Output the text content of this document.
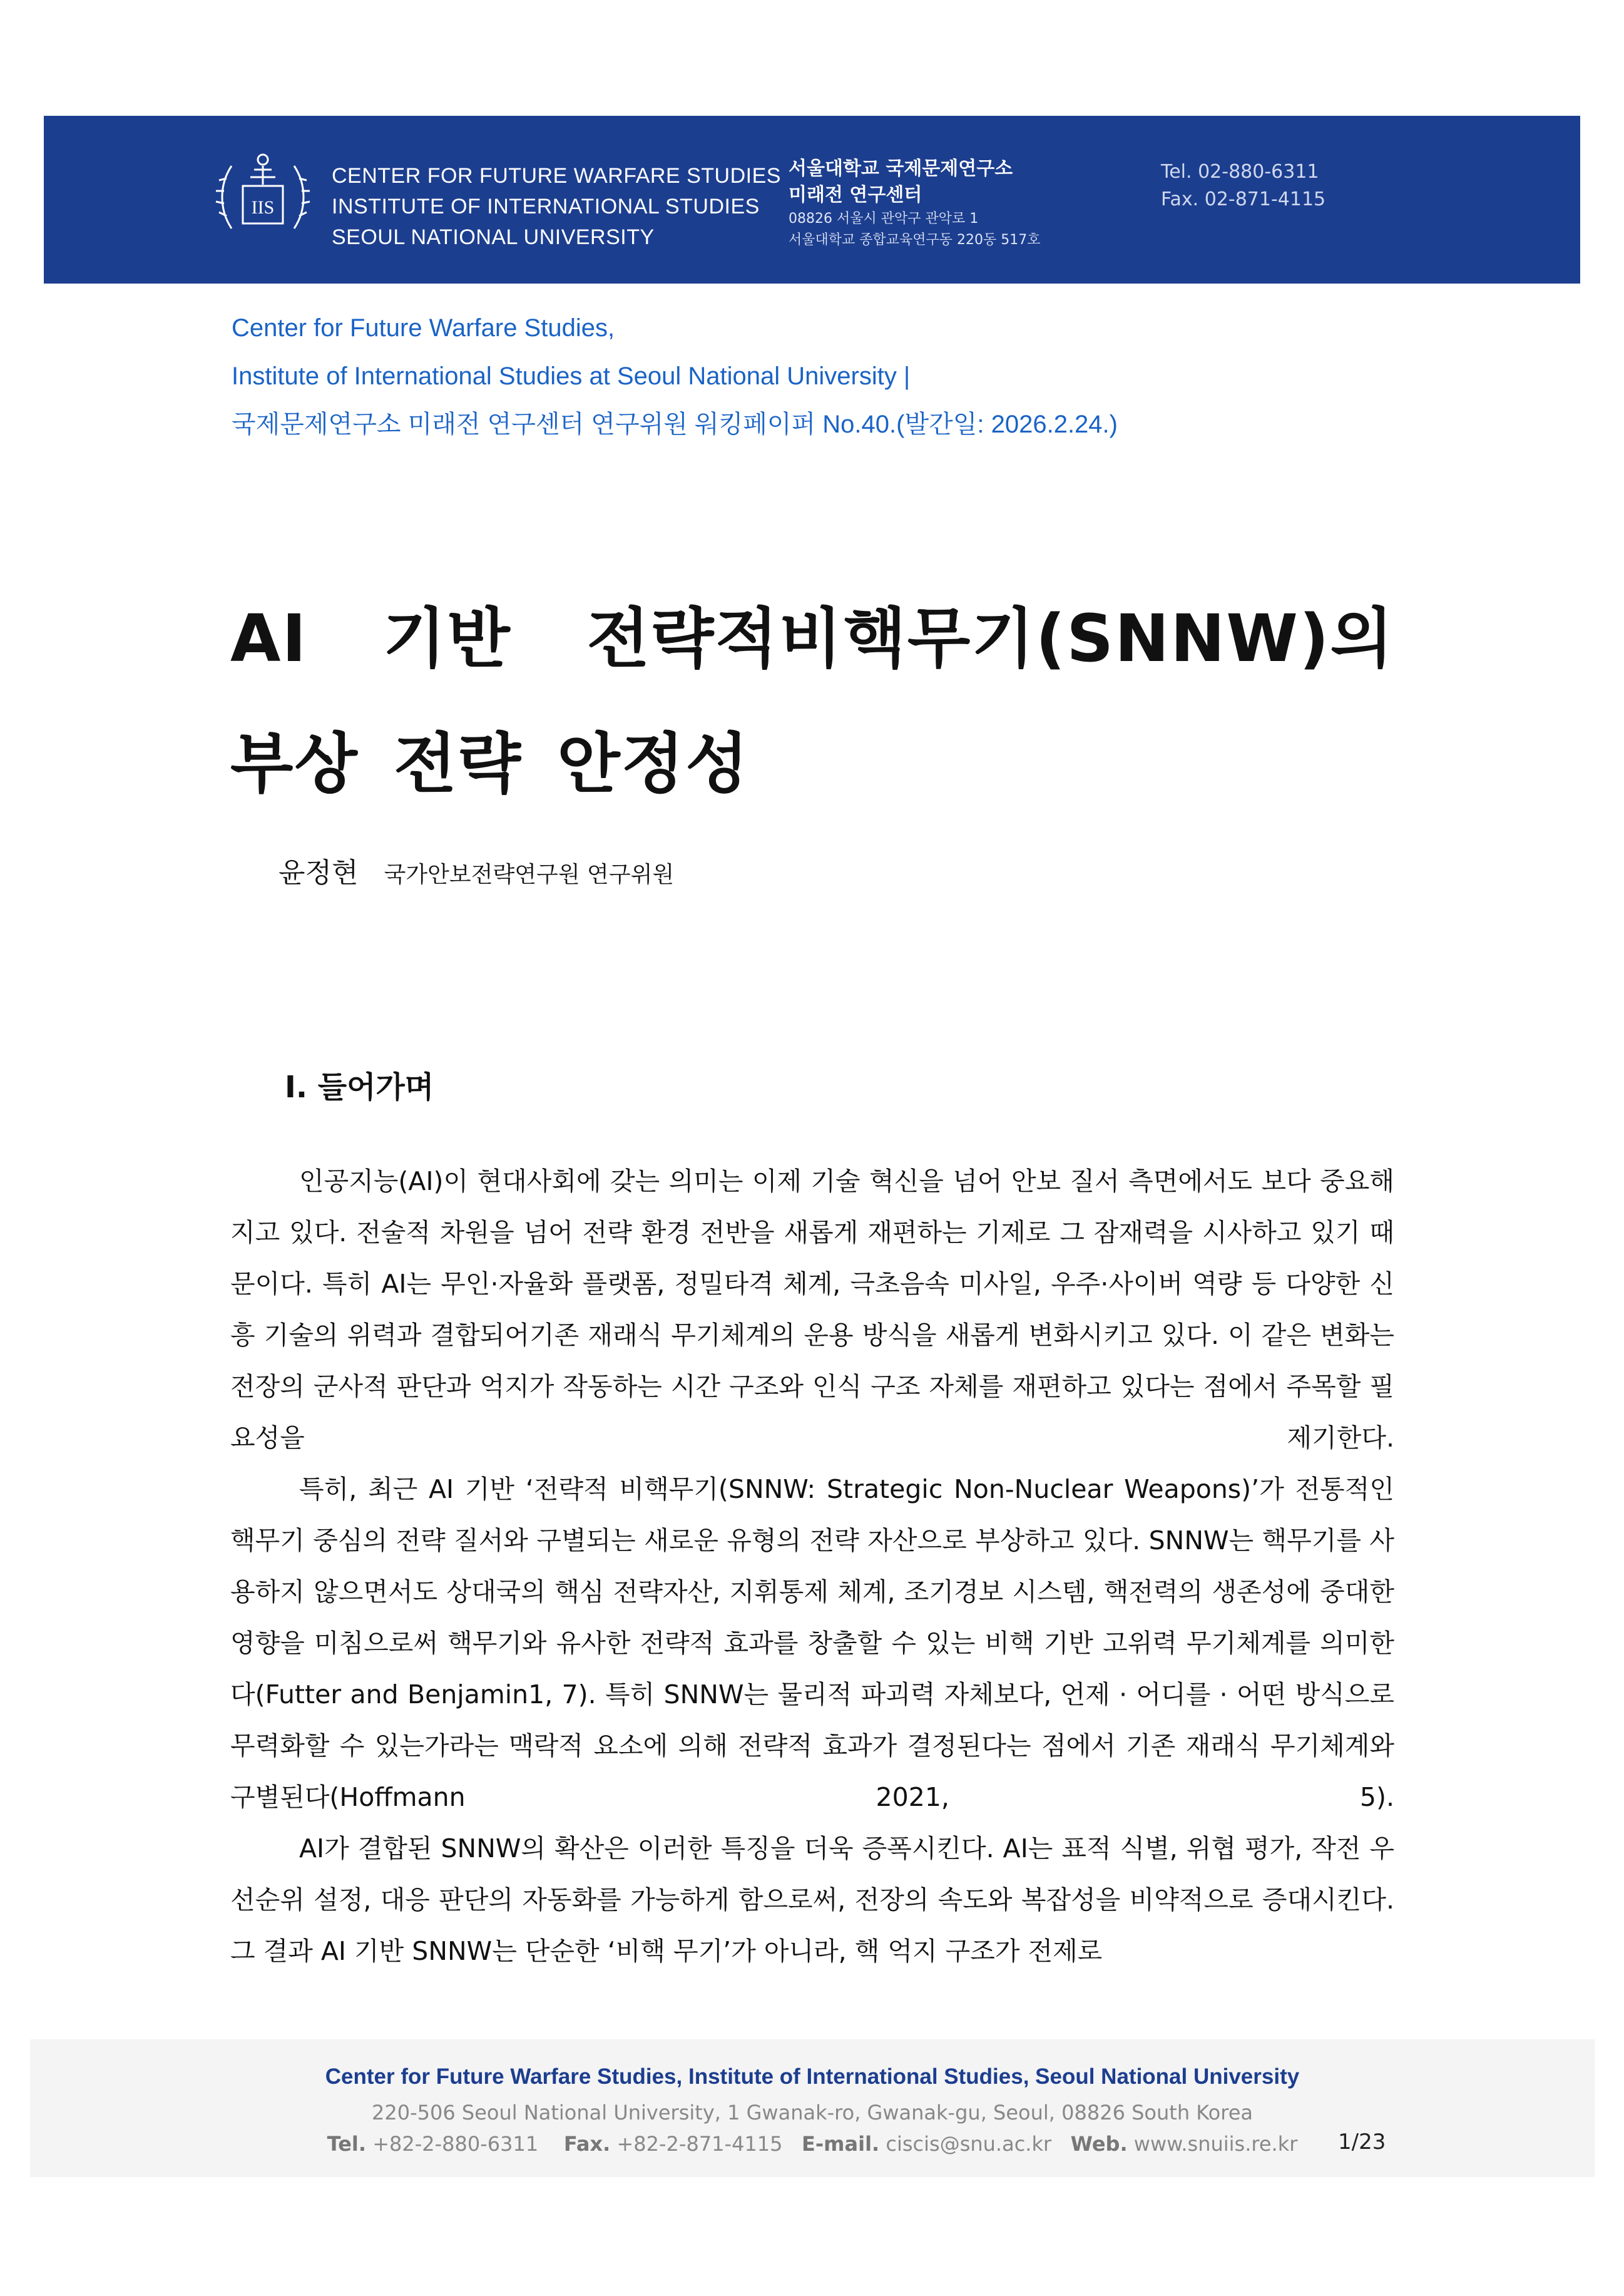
IIS
CENTER FOR FUTURE WARFARE STUDIES
INSTITUTE OF INTERNATIONAL STUDIES
SEOUL NATIONAL UNIVERSITY
서울대학교 국제문제연구소
미래전 연구센터
08826 서울시 관악구 관악로 1
서울대학교 종합교육연구동 220동 517호
Tel. 02-880-6311
Fax. 02-871-4115
Center for Future Warfare Studies,
Institute of International Studies at Seoul National University |
국제문제연구소 미래전 연구센터 연구위원 워킹페이퍼 No.40.(발간일: 2026.2.24.)
AI 기반 전략적비핵무기(SNNW)의
부상 전략 안정성
윤정현 국가안보전략연구원 연구위원
Ⅰ. 들어가며

인공지능(AI)이 현대사회에 갖는 의미는 이제 기술 혁신을 넘어 안보 질서 측면에서도 보다 중요해지고 있다. 전술적 차원을 넘어 전략 환경 전반을 새롭게 재편하는 기제로 그 잠재력을 시사하고 있기 때문이다. 특히 AI는 무인·자율화 플랫폼, 정밀타격 체계, 극초음속 미사일, 우주·사이버 역량 등 다양한 신흥 기술의 위력과 결합되어기존 재래식 무기체계의 운용 방식을 새롭게 변화시키고 있다. 이 같은 변화는 전장의 군사적 판단과 억지가 작동하는 시간 구조와 인식 구조 자체를 재편하고 있다는 점에서 주목할 필요성을 제기한다.

특히, 최근 AI 기반 ‘전략적 비핵무기(SNNW: Strategic Non-Nuclear Weapons)’가 전통적인 핵무기 중심의 전략 질서와 구별되는 새로운 유형의 전략 자산으로 부상하고 있다. SNNW는 핵무기를 사용하지 않으면서도 상대국의 핵심 전략자산, 지휘통제 체계, 조기경보 시스템, 핵전력의 생존성에 중대한 영향을 미침으로써 핵무기와 유사한 전략적 효과를 창출할 수 있는 비핵 기반 고위력 무기체계를 의미한다(Futter and Benjamin1, 7). 특히 SNNW는 물리적 파괴력 자체보다, 언제 · 어디를 · 어떤 방식으로 무력화할 수 있는가라는 맥락적 요소에 의해 전략적 효과가 결정된다는 점에서 기존 재래식 무기체계와 구별된다(Hoffmann 2021, 5).

AI가 결합된 SNNW의 확산은 이러한 특징을 더욱 증폭시킨다. AI는 표적 식별, 위협 평가, 작전 우선순위 설정, 대응 판단의 자동화를 가능하게 함으로써, 전장의 속도와 복잡성을 비약적으로 증대시킨다. 그 결과 AI 기반 SNNW는 단순한 ‘비핵 무기’가 아니라, 핵 억지 구조가 전제로

Center for Future Warfare Studies, Institute of International Studies, Seoul National University
220-506 Seoul National University, 1 Gwanak-ro, Gwanak-gu, Seoul, 08826 South Korea
Tel. +82-2-880-6311 Fax. +82-2-871-4115 E-mail. ciscis@snu.ac.kr Web. www.snuiis.re.kr	1/23
